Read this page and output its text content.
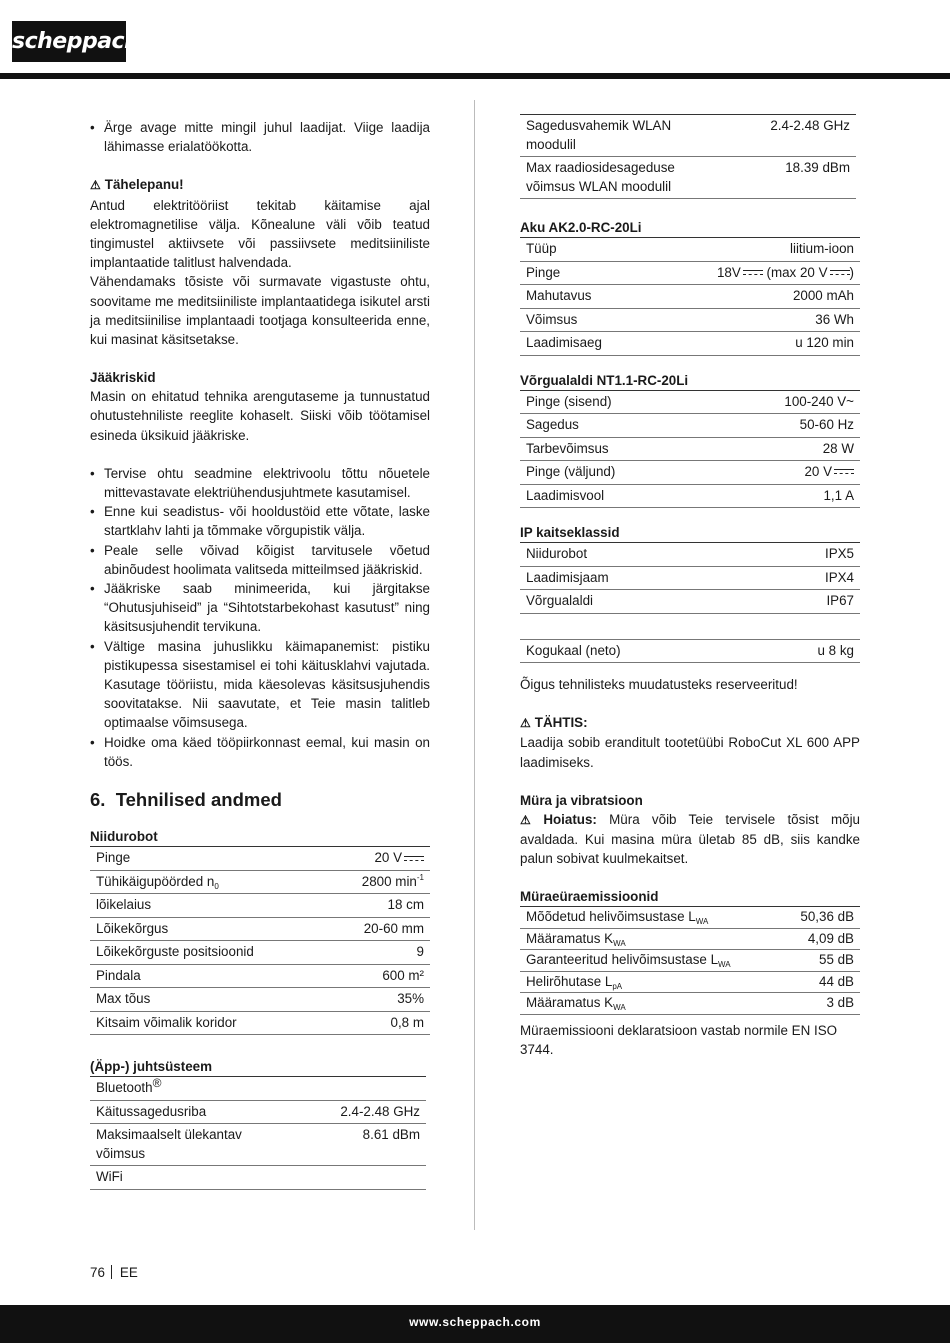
scheppach
• Ärge avage mitte mingil juhul laadijat. Viige laadija lähimasse erialatöökotta.
⚠ Tähelepanu!

Antud elektritööriist tekitab käitamise ajal elektromagnetilise välja. Kõnealune väli võib teatud tingimustel aktiivsete või passiivsete meditsiiniliste implantaatide talitlust halvendada.

Vähendamaks tõsiste või surmavate vigastuste ohtu, soovitame me meditsiiniliste implantaatidega isikutel arsti ja meditsiinilise implantaadi tootjaga konsulteerida enne, kui masinat käsitsetakse.

Jääkriskid

Masin on ehitatud tehnika arengutaseme ja tunnustatud ohutustehniliste reeglite kohaselt. Siiski võib töötamisel esineda üksikuid jääkriske.

• Tervise ohtu seadmine elektrivoolu tõttu nõuetele mittevastavate elektriühendusjuhtmete kasutamisel.
• Enne kui seadistus- või hooldustöid ette võtate, laske startklahv lahti ja tõmmake võrgupistik välja.
• Peale selle võivad kõigist tarvitusele võetud abinõudest hoolimata valitseda mitteilmsed jääkriskid.
• Jääkriske saab minimeerida, kui järgitakse “Ohutusjuhiseid” ja “Sihtotstarbekohast kasutust” ning käsitsusjuhendit tervikuna.
• Vältige masina juhuslikku käimapanemist: pistiku pistikupessa sisestamisel ei tohi käitusklahvi vajutada. Kasutage tööriistu, mida käesolevas käsitsusjuhendis soovitatakse. Nii saavutate, et Teie masin talitleb optimaalse võimsusega.
• Hoidke oma käed tööpiirkonnast eemal, kui masin on töös.
6. Tehnilised andmed
Niidurobot
Pinge	20 V
Tühikäigupöörded $n_0$	2800 $\min^{-1}$
lõikelaius	18 cm
Lõikekõrgus	20-60 mm
Lõikekõrguste positsioonid	9
Pindala	600 m²
Max tõus	35%
Kitsaim võimalik koridor	0,8 m
(Äpp-) juhtsüsteem
Bluetooth®	
Käitussagedusriba	2.4-2.48 GHz
Maksimaalselt ülekantav võimsus	8.61 dBm
WiFi	
Sagedusvahemik WLAN moodulil	2.4-2.48 GHz
Max raadiosidesageduse võimsus WLAN moodulil	18.39 dBm
Aku AK2.0-RC-20Li
Tüüp	liitium-ioon
Pinge	18V (max 20 V )
Mahutavus	2000 mAh
Võimsus	36 Wh
Laadimisaeg	u 120 min
Võrgualaldi NT1.1-RC-20Li
Pinge (sisend)	100-240 V~
Sagedus	50-60 Hz
Tarbevõimsus	28 W
Pinge (väljund)	20 V
Laadimisvool	1,1 A
IP kaitseklassid
Niidurobot	IPX5
Laadimisjaam	IPX4
Võrgualaldi	IP67
Kogukaal (neto)	u 8 kg

Õigus tehnilisteks muudatusteks reserveeritud!

⚠ TÄHTIS:

Laadija sobib eranditult tootetüübi RoboCut XL 600 APP laadimiseks.

Müra ja vibratsioon

⚠ Hoiatus: Müra võib Teie tervisele tõsist mõju avaldada. Kui masina müra ületab 85 dB, siis kandke palun sobivat kuulmekaitset.

Müraeüraemissioonid
Mõõdetud helivõimsustase $L_{WA}$	50,36 dB
Määramatus $K_{WA}$	4,09 dB
Garanteeritud helivõimsustase $L_{WA}$	55 dB
Helirõhutase $L_{pA}$	44 dB
Määramatus $K_{WA}$	3 dB

Müraemissiooni deklaratsioon vastab normile EN ISO 3744.

76 EE
www.scheppach.com
